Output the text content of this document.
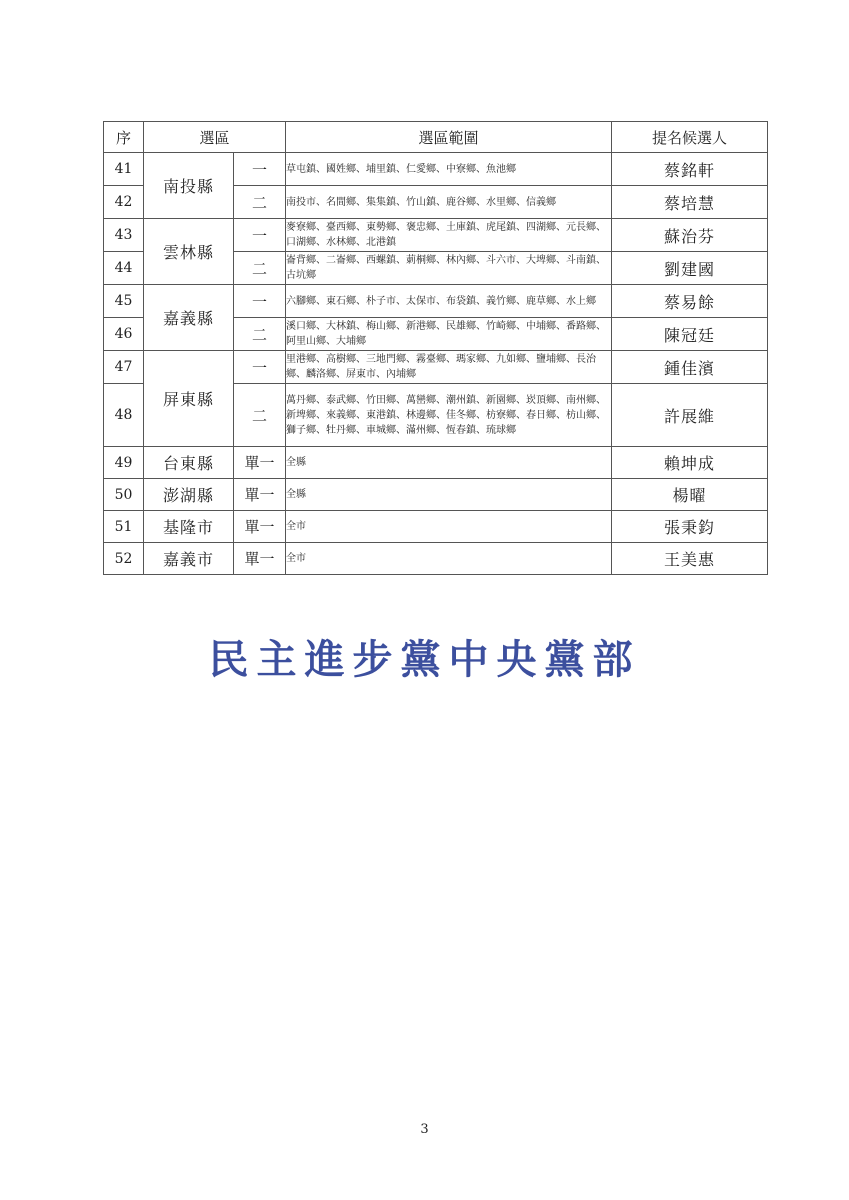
序	選區		選區範圍	提名候選人
41	南投縣	一	草屯鎮、國姓鄉、埔里鎮、仁愛鄉、中寮鄉、魚池鄉	蔡銘軒
42		二	南投市、名間鄉、集集鎮、竹山鎮、鹿谷鄉、水里鄉、信義鄉	蔡培慧
43	雲林縣	一	麥寮鄉、臺西鄉、東勢鄉、褒忠鄉、土庫鎮、虎尾鎮、四湖鄉、元長鄉、口湖鄉、水林鄉、北港鎮	蘇治芬
44		二	崙背鄉、二崙鄉、西螺鎮、莿桐鄉、林內鄉、斗六市、大埤鄉、斗南鎮、古坑鄉	劉建國
45	嘉義縣	一	六腳鄉、東石鄉、朴子市、太保市、布袋鎮、義竹鄉、鹿草鄉、水上鄉	蔡易餘
46		二	溪口鄉、大林鎮、梅山鄉、新港鄉、民雄鄉、竹崎鄉、中埔鄉、番路鄉、阿里山鄉、大埔鄉	陳冠廷
47	屏東縣	一	里港鄉、高樹鄉、三地門鄉、霧臺鄉、瑪家鄉、九如鄉、鹽埔鄉、長治鄉、麟洛鄉、屏東市、內埔鄉	鍾佳濱
48		二	萬丹鄉、泰武鄉、竹田鄉、萬巒鄉、潮州鎮、新園鄉、崁頂鄉、南州鄉、新埤鄉、來義鄉、東港鎮、林邊鄉、佳冬鄉、枋寮鄉、春日鄉、枋山鄉、獅子鄉、牡丹鄉、車城鄉、滿州鄉、恆春鎮、琉球鄉	許展維
49	台東縣	單一	全縣	賴坤成
50	澎湖縣	單一	全縣	楊曜
51	基隆市	單一	全市	張秉鈞
52	嘉義市	單一	全市	王美惠
民主進步黨中央黨部
3
